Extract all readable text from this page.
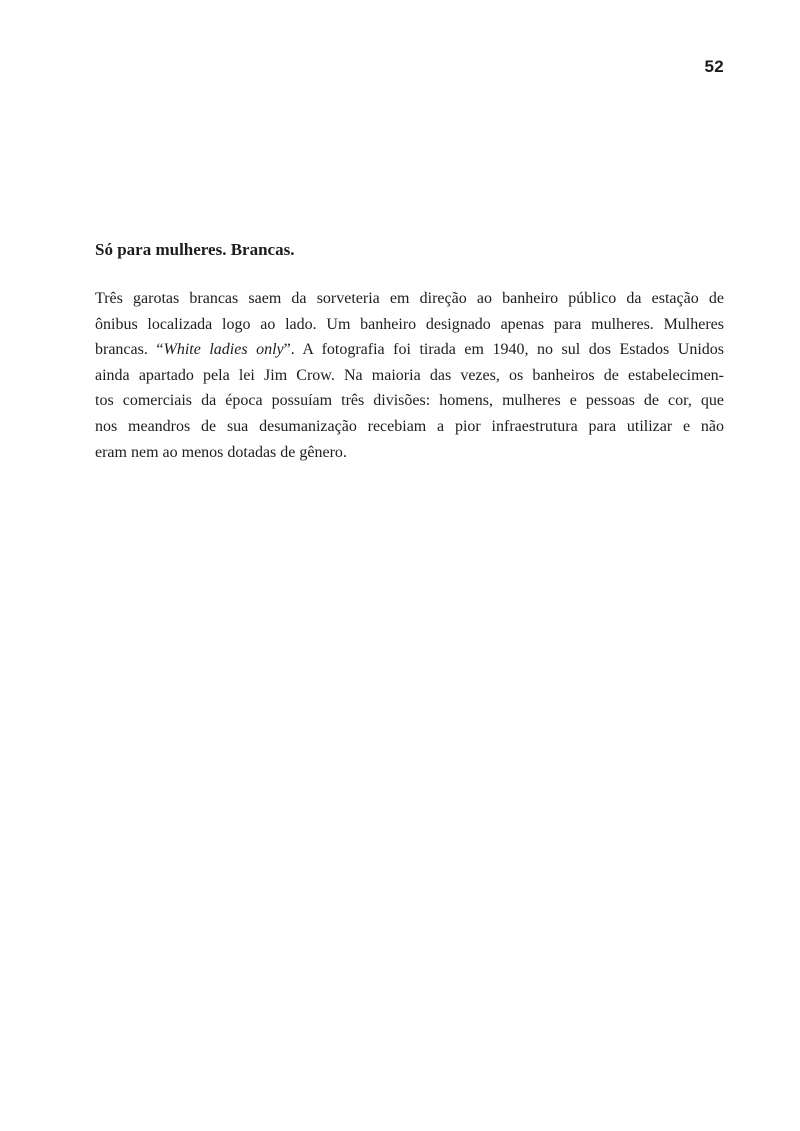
52
Só para mulheres. Brancas.
Três garotas brancas saem da sorveteria em direção ao banheiro público da estação de
ônibus localizada logo ao lado. Um banheiro designado apenas para mulheres. Mulheres
brancas. “White ladies only”. A fotografia foi tirada em 1940, no sul dos Estados Unidos
ainda apartado pela lei Jim Crow. Na maioria das vezes, os banheiros de estabelecimen-
tos comerciais da época possuíam três divisões: homens, mulheres e pessoas de cor, que
nos meandros de sua desumanização recebiam a pior infraestrutura para utilizar e não
eram nem ao menos dotadas de gênero.
